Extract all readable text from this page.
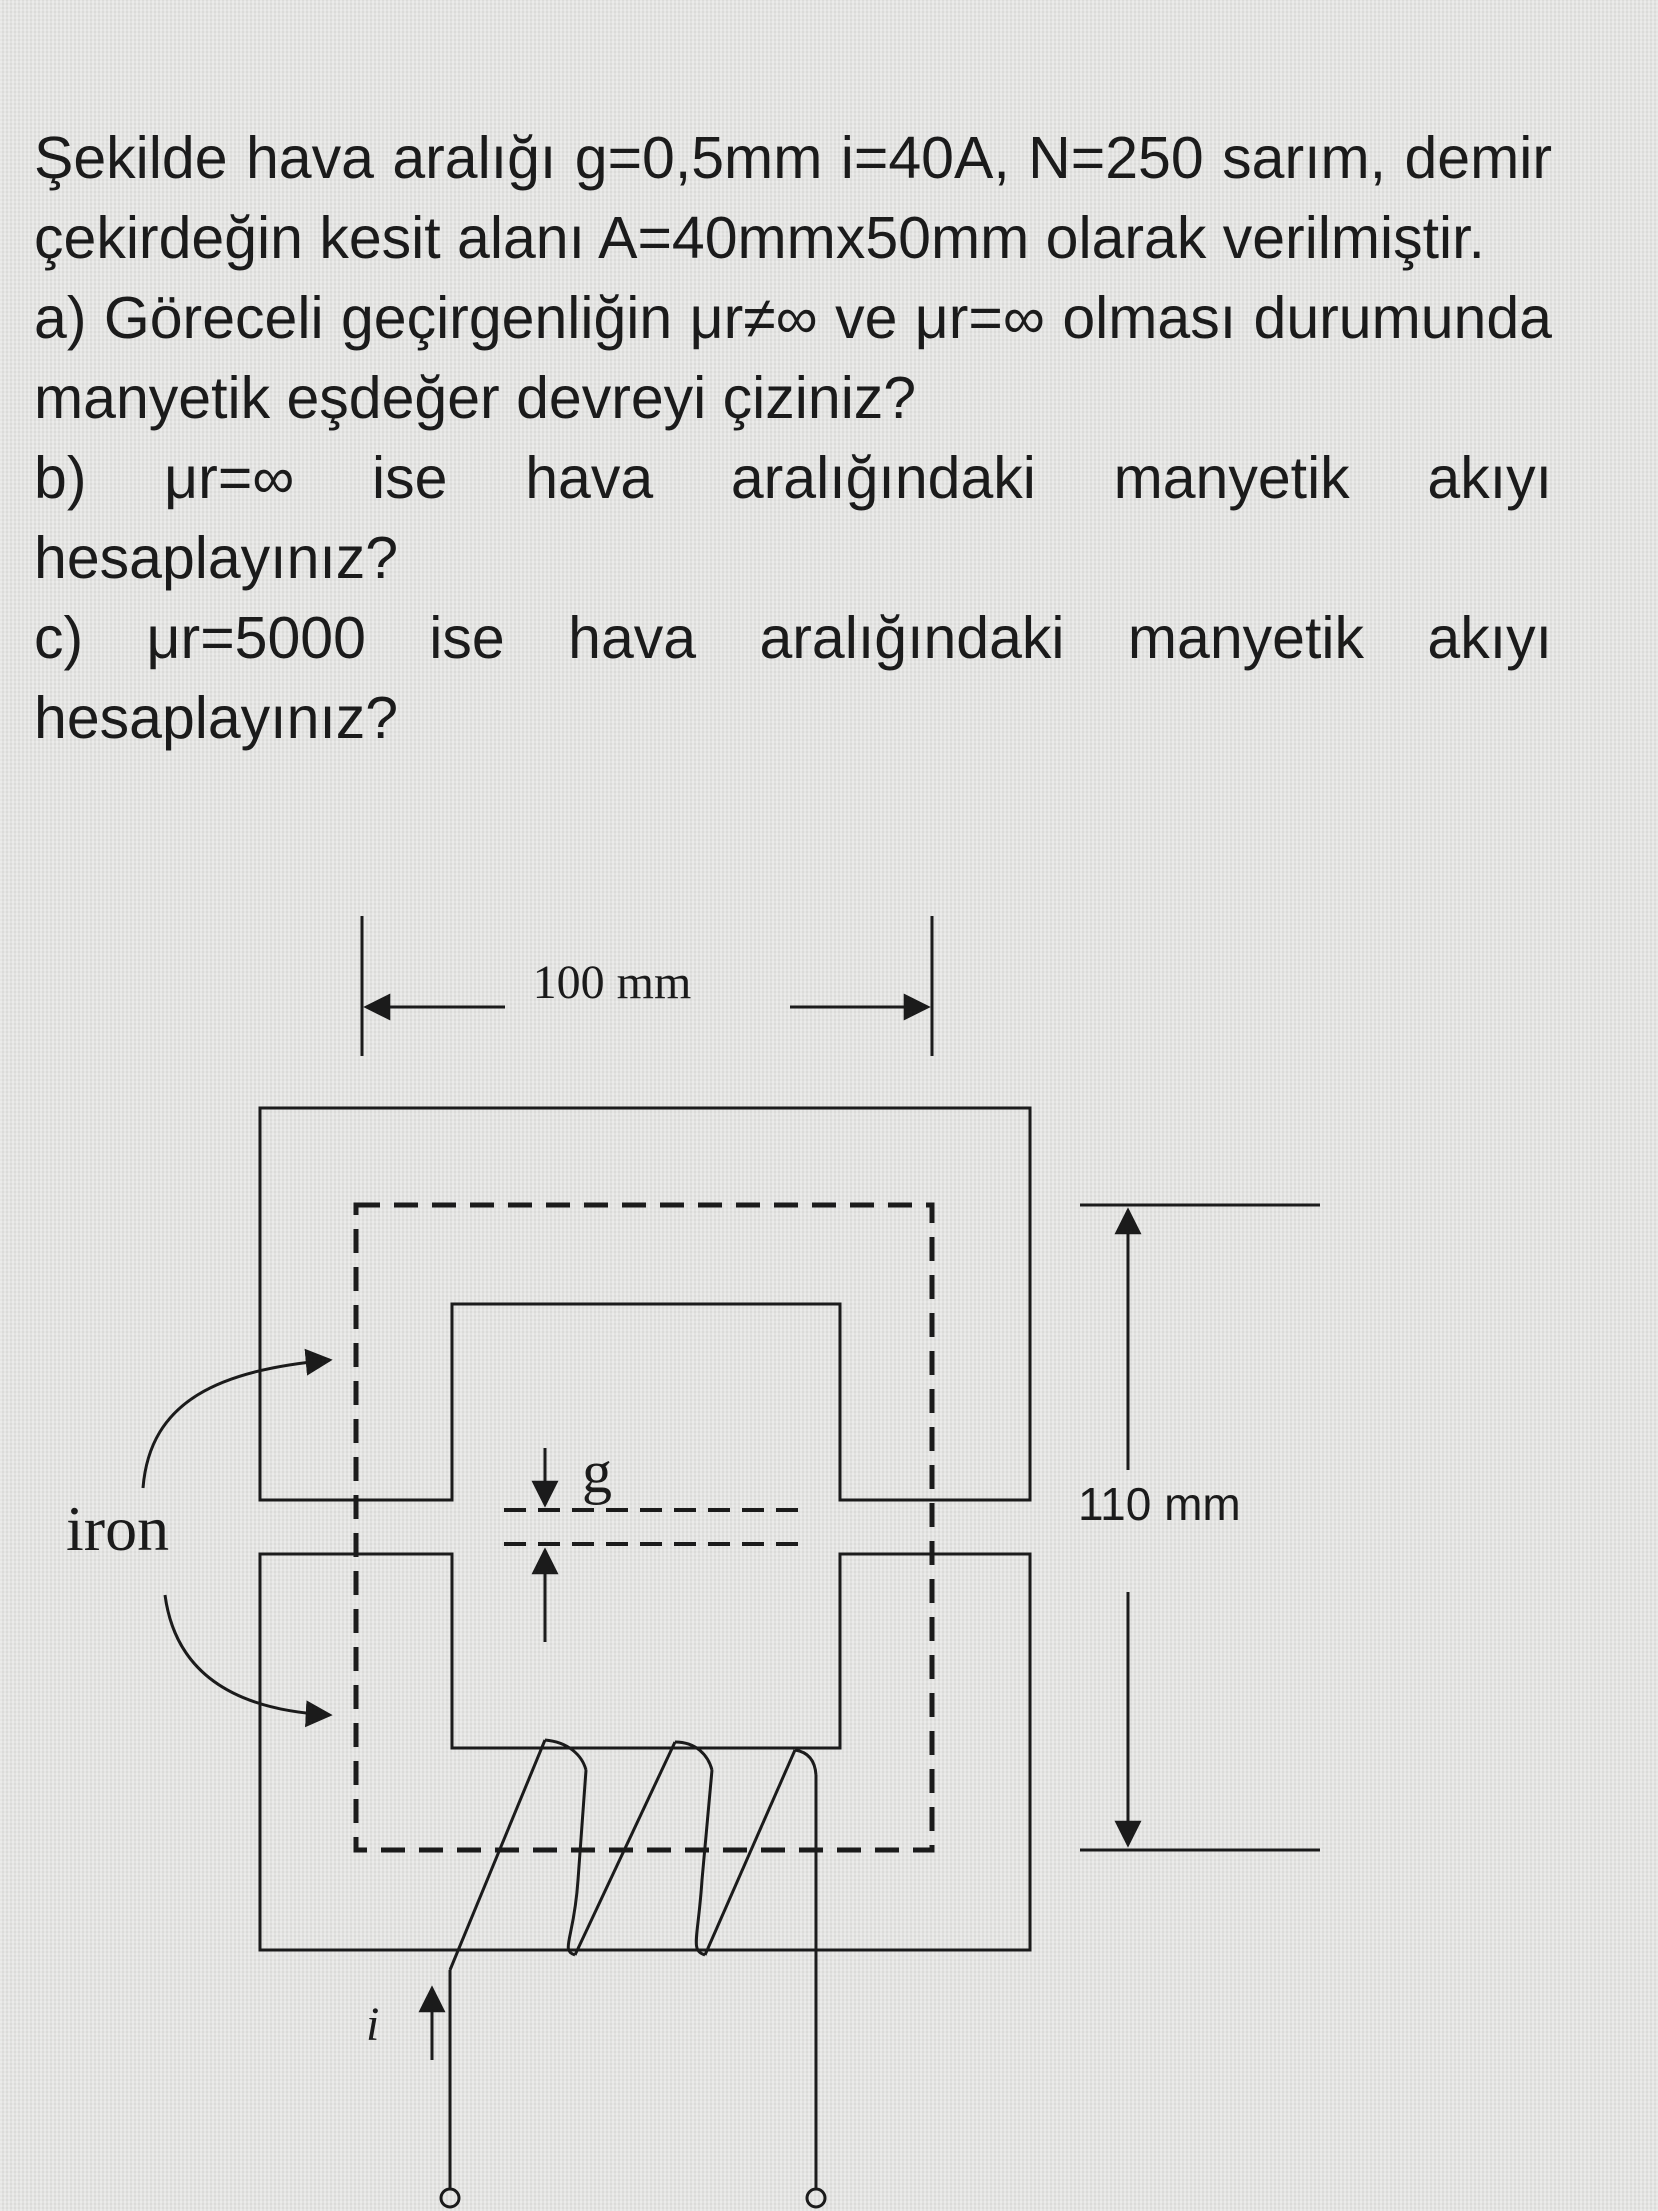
Şekilde hava aralığı g=0,5mm i=40A, N=250 sarım, demir çekirdeğin kesit alanı A=40mmx50mm olarak verilmiştir.

a) Göreceli geçirgenliğin μr≠∞ ve μr=∞ olması durumunda manyetik eşdeğer devreyi çiziniz?

b) μr=∞ ise hava aralığındaki manyetik akıyı hesaplayınız?

c) μr=5000 ise hava aralığındaki manyetik akıyı hesaplayınız?

100 mm
g	110 mm
iron
i
